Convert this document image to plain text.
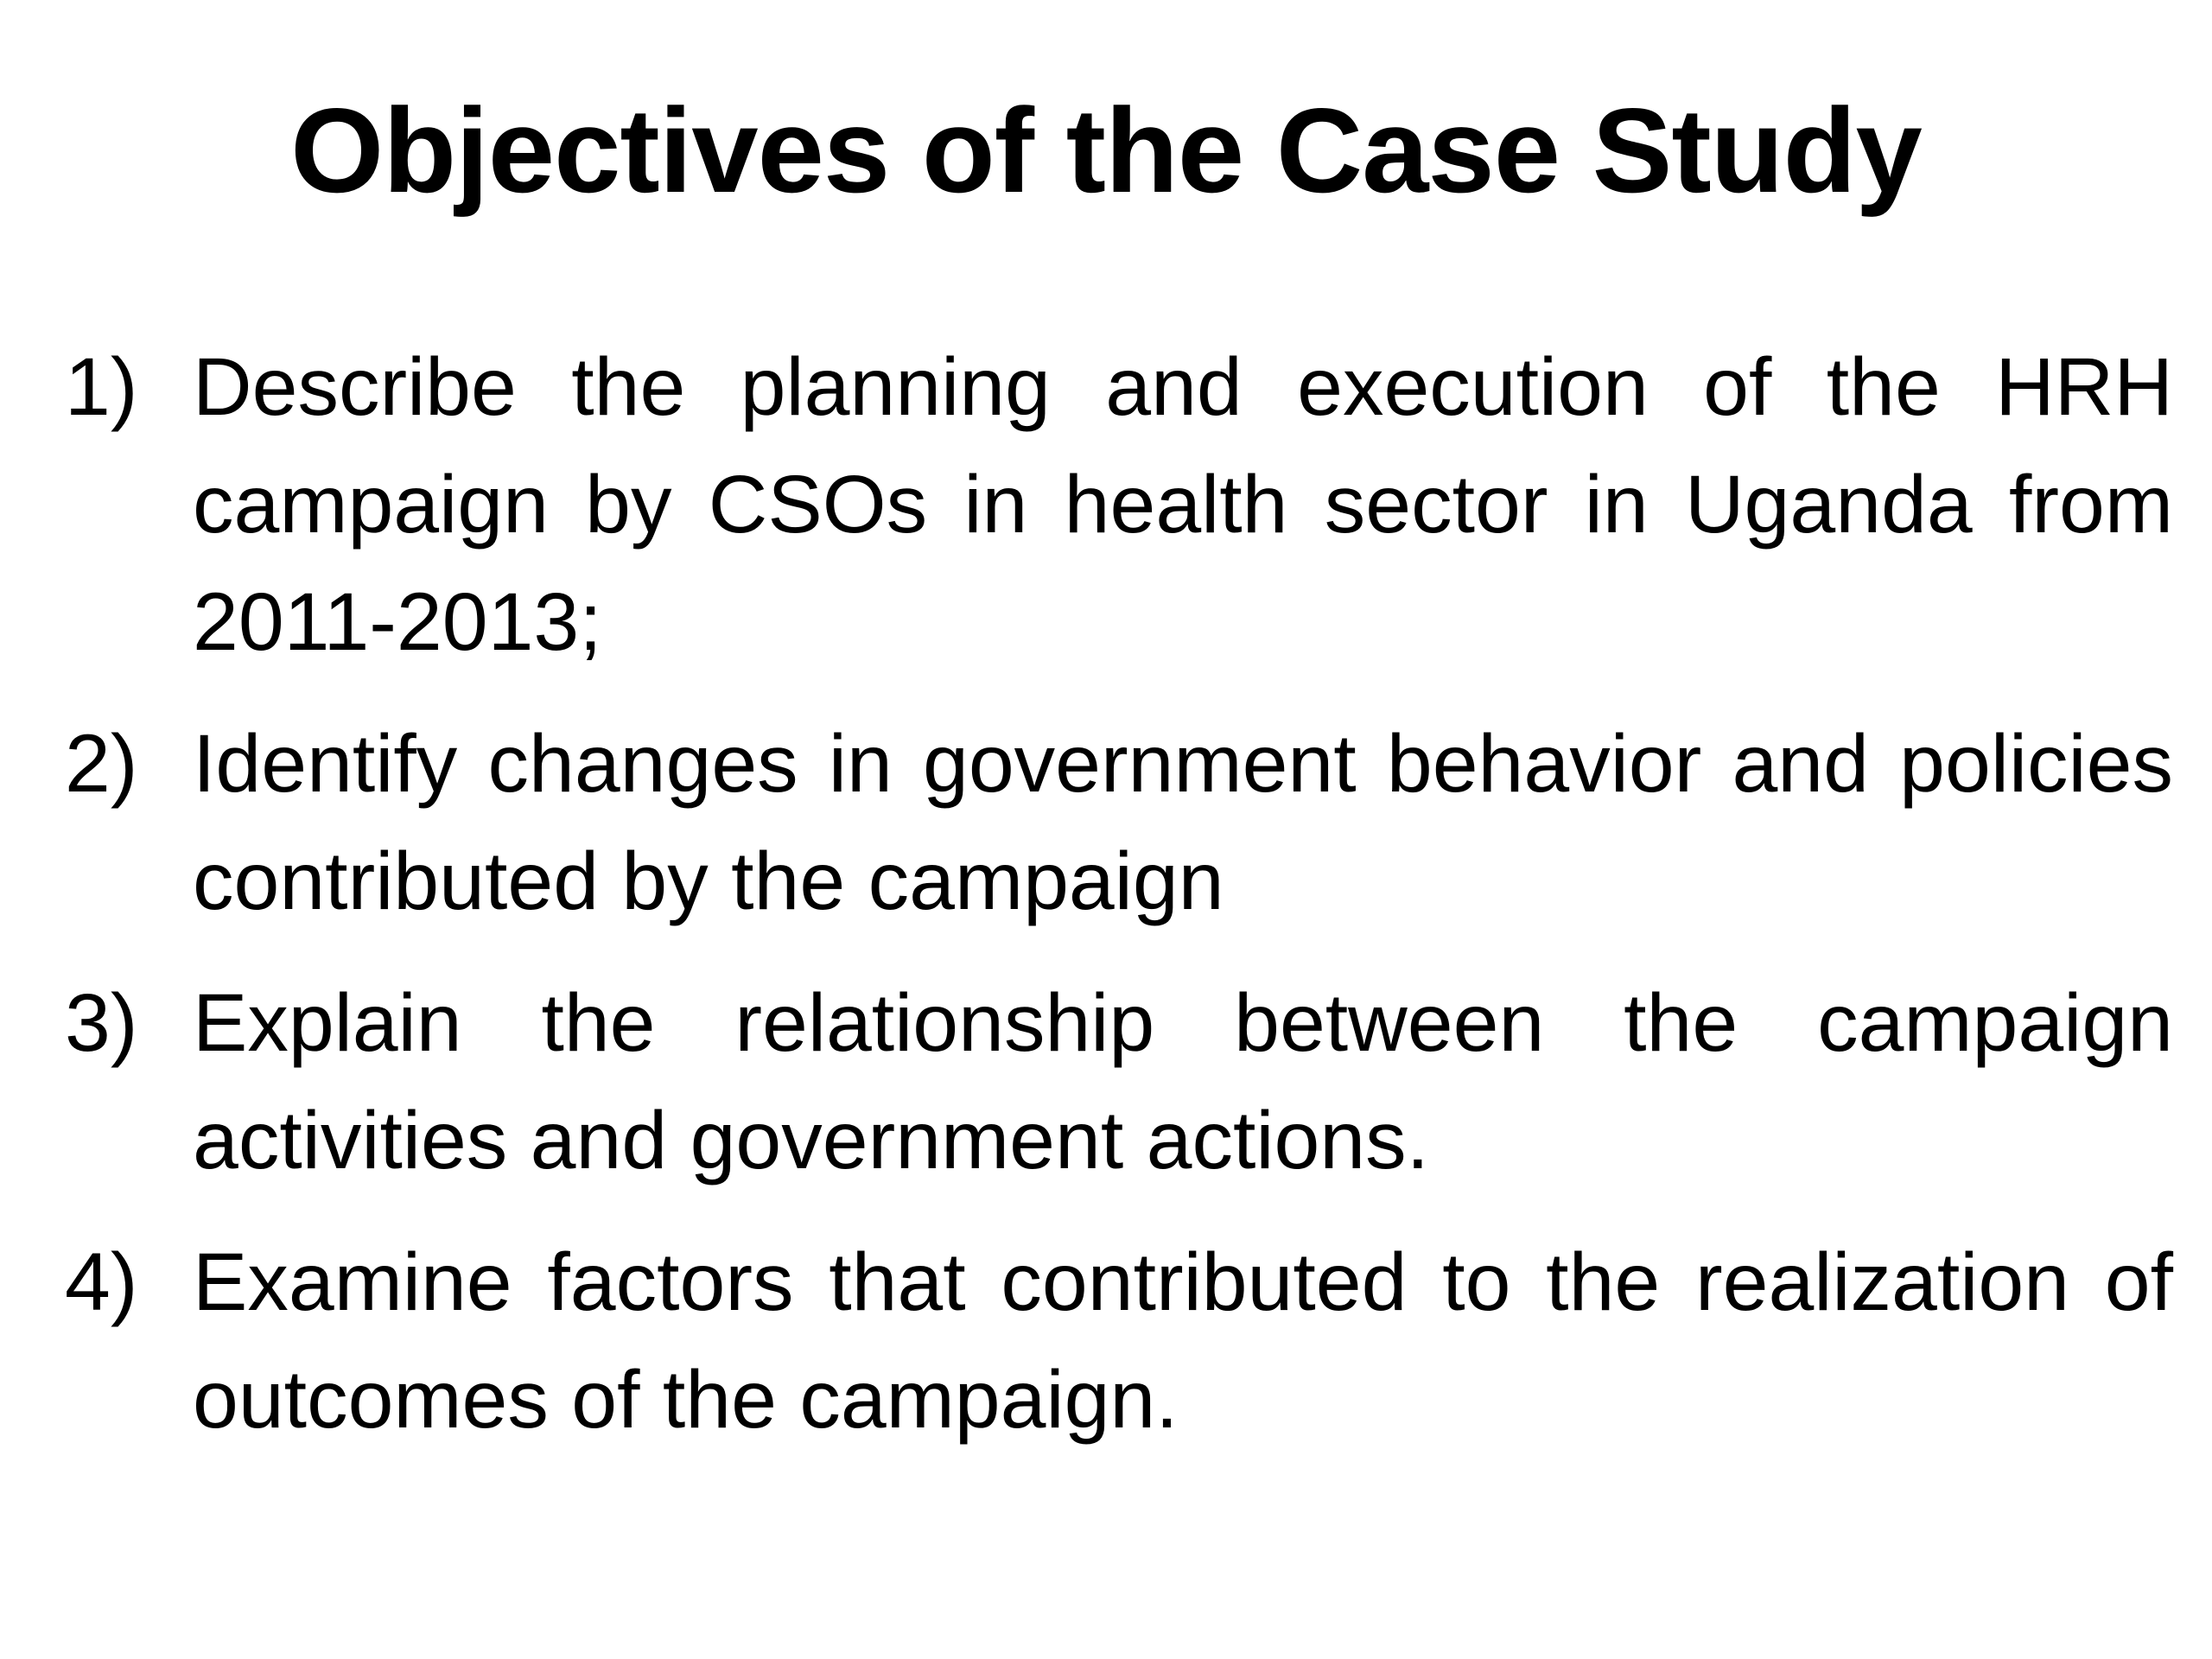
Objectives of the Case Study
1) Describe the planning and execution of the HRH campaign by CSOs in health sector in Uganda from 2011-2013;
2) Identify changes in government behavior and policies contributed by the campaign
3) Explain the relationship between the campaign activities and government actions.
4) Examine factors that contributed to the realization of outcomes of the campaign.
